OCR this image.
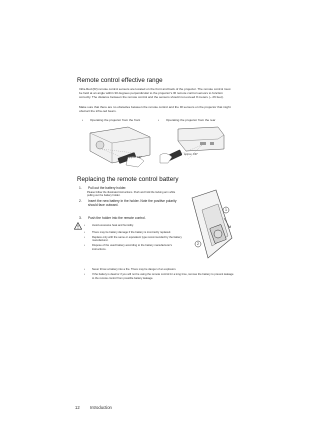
Remote control effective range
Infra-Red (IR) remote control sensors are located on the front and back of the projector. The remote control must be held at an angle within 30 degrees perpendicular to the projector's IR remote control sensors to function correctly. The distance between the remote control and the sensors should not exceed 8 meters (~ 26 feet).
Make sure that there are no obstacles between the remote control and the IR sensors on the projector that might obstruct the infra-red beam.
•	Operating the projector from the front	•	Operating the projector from the rear
Approx. ±30°
Approx. ±30°
Replacing the remote control battery
1. Pull out the battery holder.
Please follow the illustrated instructions. Push and hold the locking arm while pulling out the battery holder.
2.	Insert the new battery in the holder. Note the positive polarity should face outward.
3. Push the holder into the remote control.
•	Avoid excessive heat and humidity.
•	There may be battery damage if the battery is incorrectly replaced.
•	Replace only with the same or equivalent type recommended by the battery manufacturer.
•	Dispose of the used battery according to the battery manufacturer's instructions.
•	Never throw a battery into a fire. There may be danger of an explosion.
•	If the battery is dead or if you will not be using the remote control for a long time, remove the battery to prevent leakage to the remote control from possible battery leakage.
1
2
12 Introduction
